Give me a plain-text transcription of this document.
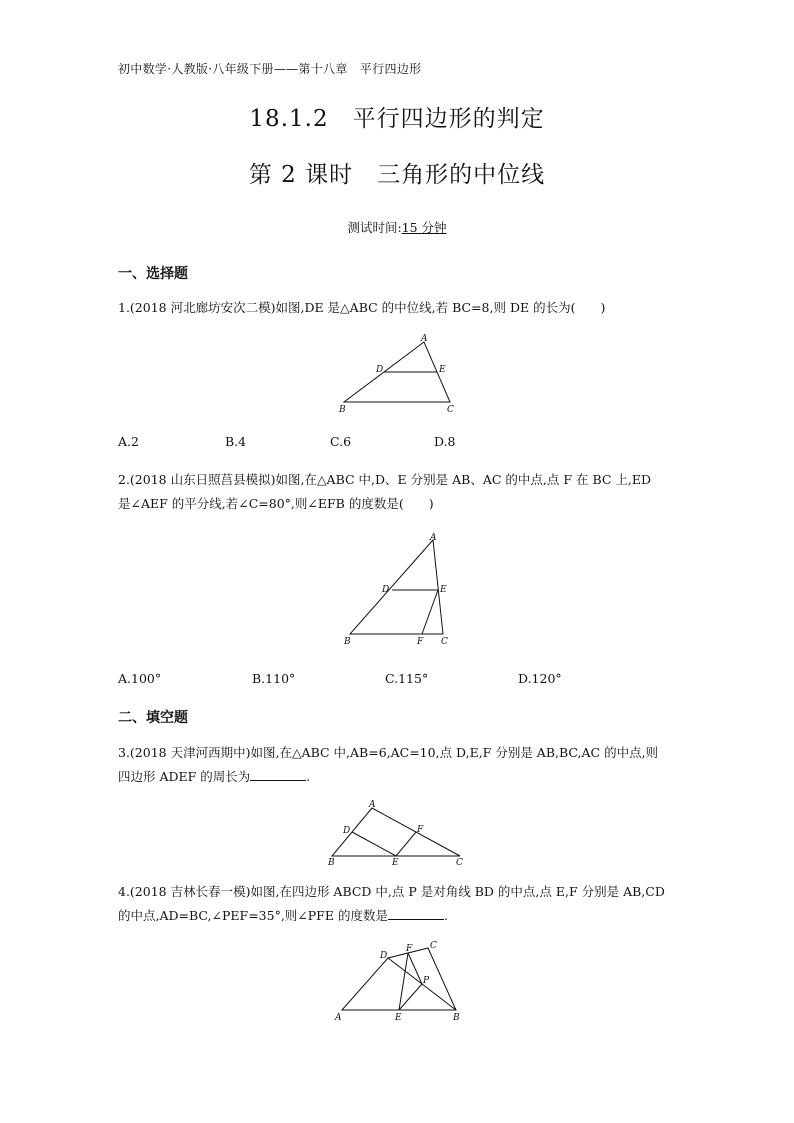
初中数学·人教版·八年级下册——第十八章　平行四边形
18.1.2　平行四边形的判定
第 2 课时　三角形的中位线
测试时间:15 分钟
一、选择题
1.(2018 河北廊坊安次二模)如图,DE 是△ABC 的中位线,若 BC=8,则 DE 的长为(　　)
A
D	E
B	C
A.2	B.4	C.6	D.8
2.(2018 山东日照莒县模拟)如图,在△ABC 中,D、E 分别是 AB、AC 的中点,点 F 在 BC 上,ED
是∠AEF 的平分线,若∠C=80°,则∠EFB 的度数是(　　)
A
D	E
B	F C
A.100°	B.110°	C.115°	D.120°
二、填空题
3.(2018 天津河西期中)如图,在△ABC 中,AB=6,AC=10,点 D,E,F 分别是 AB,BC,AC 的中点,则
四边形 ADEF 的周长为	.
A
D	F
B	E	C
4.(2018 吉林长春一模)如图,在四边形 ABCD 中,点 P 是对角线 BD 的中点,点 E,F 分别是 AB,CD
的中点,AD=BC,∠PEF=35°,则∠PFE 的度数是	.
F C
D
P
A	E	B
